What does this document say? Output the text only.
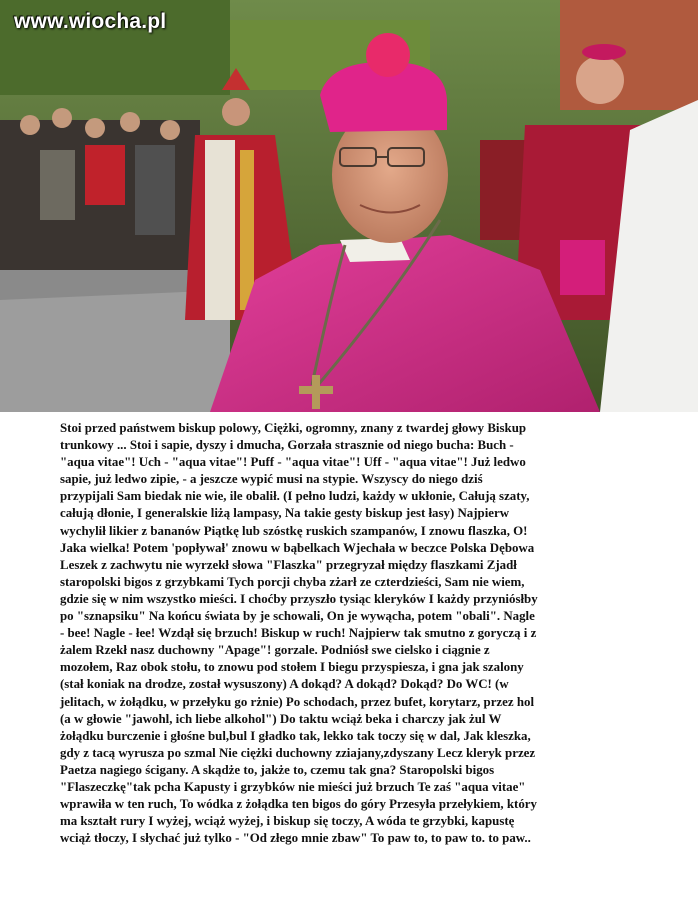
www.wiocha.pl

Stoi przed państwem biskup polowy, Ciężki, ogromny, znany z twardej głowy Biskup

trunkowy ... Stoi i sapie, dyszy i dmucha, Gorzała strasznie od niego bucha: Buch -

"aqua vitae"! Uch - "aqua vitae"! Puff - "aqua vitae"! Uff - "aqua vitae"! Już ledwo

sapie, już ledwo zipie, - a jeszcze wypić musi na stypie. Wszyscy do niego dziś

przypijali Sam biedak nie wie, ile obalił. (I pełno ludzi, każdy w ukłonie, Całują szaty,

całują dłonie, I generalskie liżą lampasy, Na takie gesty biskup jest łasy) Najpierw

wychylił likier z bananów Piątkę lub szóstkę ruskich szampanów, I znowu flaszka, O!

Jaka wielka! Potem 'popływał' znowu w bąbelkach Wjechała w beczce Polska Dębowa

Leszek z zachwytu nie wyrzekł słowa "Flaszka" przegryzał między flaszkami Zjadł

staropolski bigos z grzybkami Tych porcji chyba zżarł ze czterdzieści, Sam nie wiem,

gdzie się w nim wszystko mieści. I choćby przyszło tysiąc kleryków I każdy przyniósłby

po "sznapsiku" Na końcu świata by je schowali, On je wywącha, potem "obali". Nagle

- bee! Nagle - łee! Wzdął się brzuch! Biskup w ruch! Najpierw tak smutno z goryczą i z

żalem Rzekł nasz duchowny "Apage"! gorzale. Podniósł swe cielsko i ciągnie z

mozołem, Raz obok stołu, to znowu pod stołem I biegu przyspiesza, i gna jak szalony

(stał koniak na drodze, został wysuszony) A dokąd? A dokąd? Dokąd? Do WC! (w

jelitach, w żołądku, w przełyku go rżnie) Po schodach, przez bufet, korytarz, przez hol

(a w głowie "jawohl, ich liebe alkohol") Do taktu wciąż beka i charczy jak żul W

żołądku burczenie i głośne bul,bul I gładko tak, lekko tak toczy się w dal, Jak kleszka,

gdy z tacą wyrusza po szmal Nie ciężki duchowny zziajany,zdyszany Lecz kleryk przez

Paetza nagiego ścigany. A skądże to, jakże to, czemu tak gna? Staropolski bigos

"Flaszeczkę"tak pcha Kapusty i grzybków nie mieści już brzuch Te zaś "aqua vitae"

wprawiła w ten ruch, To wódka z żołądka ten bigos do góry Przesyła przełykiem, który

ma kształt rury I wyżej, wciąż wyżej, i biskup się toczy, A wóda te grzybki, kapustę

wciąż tłoczy, I słychać już tylko - "Od złego mnie zbaw" To paw to, to paw to. to paw..
